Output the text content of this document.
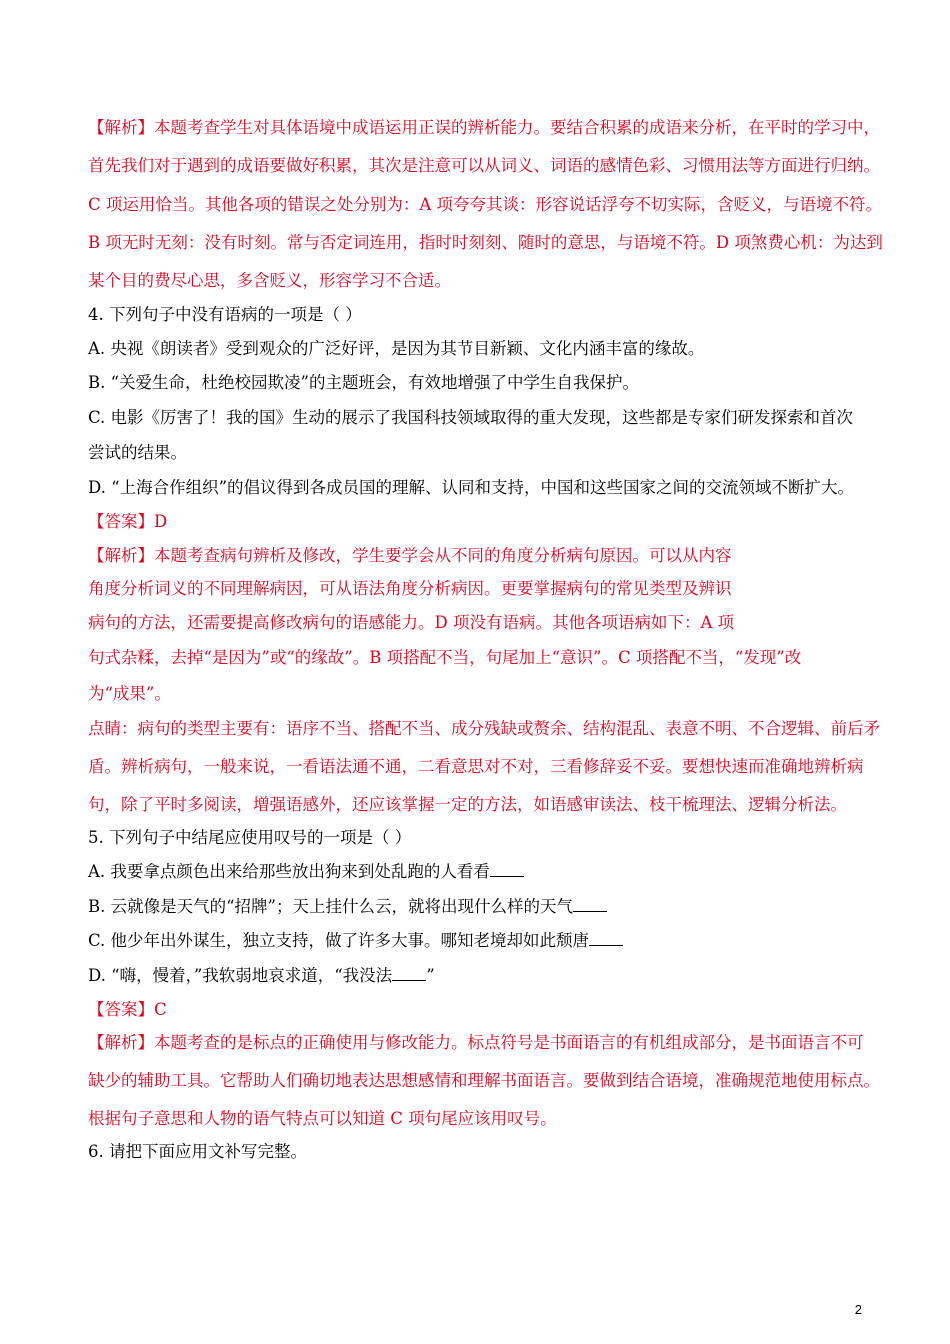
【解析】本题考查学生对具体语境中成语运用正误的辨析能力。要结合积累的成语来分析，在平时的学习中，
首先我们对于遇到的成语要做好积累，其次是注意可以从词义、词语的感情色彩、习惯用法等方面进行归纳。
C 项运用恰当。其他各项的错误之处分别为：A 项夸夸其谈：形容说话浮夸不切实际，含贬义，与语境不符。
B 项无时无刻：没有时刻。常与否定词连用，指时时刻刻、随时的意思，与语境不符。D 项煞费心机：为达到
某个目的费尽心思，多含贬义，形容学习不合适。
4. 下列句子中没有语病的一项是（ ）
A. 央视《朗读者》受到观众的广泛好评，是因为其节目新颖、文化内涵丰富的缘故。
B. “关爱生命，杜绝校园欺凌”的主题班会，有效地增强了中学生自我保护。
C. 电影《厉害了！我的国》生动的展示了我国科技领域取得的重大发现，这些都是专家们研发探索和首次
尝试的结果。
D. “上海合作组织”的倡议得到各成员国的理解、认同和支持，中国和这些国家之间的交流领域不断扩大。
【答案】D
【解析】本题考查病句辨析及修改，学生要学会从不同的角度分析病句原因。可以从内容
角度分析词义的不同理解病因，可从语法角度分析病因。更要掌握病句的常见类型及辨识
病句的方法，还需要提高修改病句的语感能力。D 项没有语病。其他各项语病如下：A 项
句式杂糅，去掉“是因为”或“的缘故”。B 项搭配不当，句尾加上“意识”。C 项搭配不当，“发现”改
为“成果”。
点睛：病句的类型主要有：语序不当、搭配不当、成分残缺或赘余、结构混乱、表意不明、不合逻辑、前后矛
盾。辨析病句，一般来说，一看语法通不通，二看意思对不对，三看修辞妥不妥。要想快速而准确地辨析病
句，除了平时多阅读，增强语感外，还应该掌握一定的方法，如语感审读法、枝干梳理法、逻辑分析法。
5. 下列句子中结尾应使用叹号的一项是（ ）
A. 我要拿点颜色出来给那些放出狗来到处乱跑的人看看
B. 云就像是天气的“招牌”；天上挂什么云，就将出现什么样的天气
C. 他少年出外谋生，独立支持，做了许多大事。哪知老境却如此颓唐
D. “嗨，慢着，”我软弱地哀求道，“我没法 ”
【答案】C
【解析】本题考查的是标点的正确使用与修改能力。标点符号是书面语言的有机组成部分，是书面语言不可
缺少的辅助工具。它帮助人们确切地表达思想感情和理解书面语言。要做到结合语境，准确规范地使用标点。
根据句子意思和人物的语气特点可以知道 C 项句尾应该用叹号。
6. 请把下面应用文补写完整。
2
